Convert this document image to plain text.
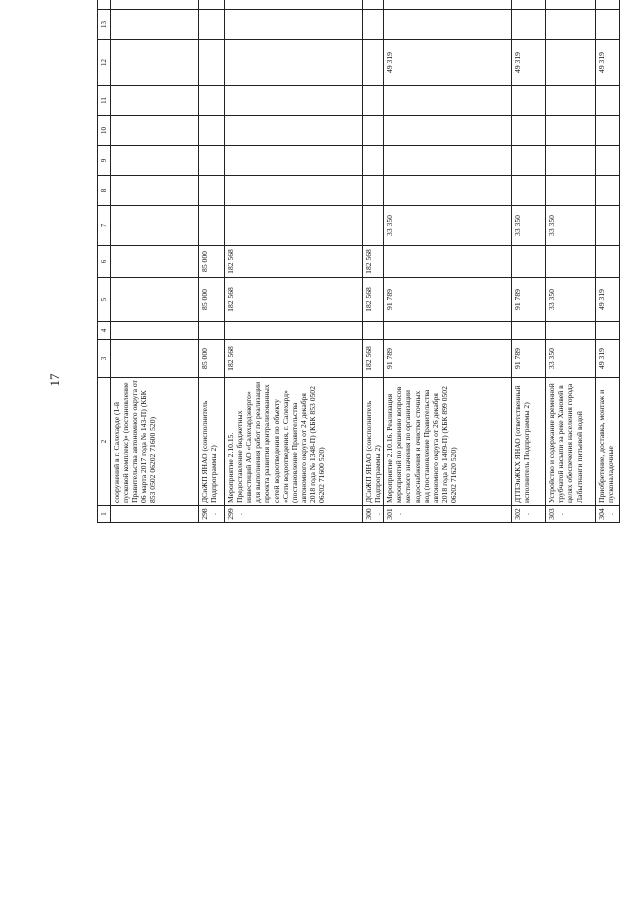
17
1	2	3	4	5	6	7	8	9	10	11	12	13						
	сооружений в г. Салехарде (1-й пусковой комплекс)» (постановление Правительства автономного округа от 06 марта 2017 года № 143-П) (КБК 853 0502 06202 71600 520)																	
298.	ДСиЖП ЯНАО (соисполнитель Подпрограммы 2)	85 000		85 000	85 000													
299.	Мероприятие 2.10.15. Предоставление бюджетных инвестиций АО «Салехардэнерго» для выполнения работ по реализации проекта развития централизованных сетей водоотведения по объекту «Сети водоотведения, г. Салехард» (постановление Правительства автономного округа от 24 декабря 2018 года № 1348-П) (КБК 853 0502 06202 71600 520)	182 568		182 568	182 568													
300.	ДСиЖП ЯНАО (соисполнитель Подпрограммы 2)	182 568		182 568	182 568													
301.	Мероприятие 2.10.16. Реализация мероприятий по решению вопросов местного значения по организации водоснабжения и очистки сточных вод (постановление Правительства автономного округа от 26 декабря 2018 года № 1409-П) (КБК 899 0502 06202 71620 520)	91 789		91 789		33 350					49 319							
302.	ДТПЭиЖКХ ЯНАО (ответственный исполнитель Подпрограммы 2)	91 789		91 789		33 350					49 319							
303.	Устройство и содержание временной трубчатой насыпи за реке Хановей в целях обеспечения населения города Лабытнанги питьевой водой	33 350		33 350		33 350												
304.	Приобретение, доставка, монтаж и пусконаладочные	49 319		49 319							49 319							
